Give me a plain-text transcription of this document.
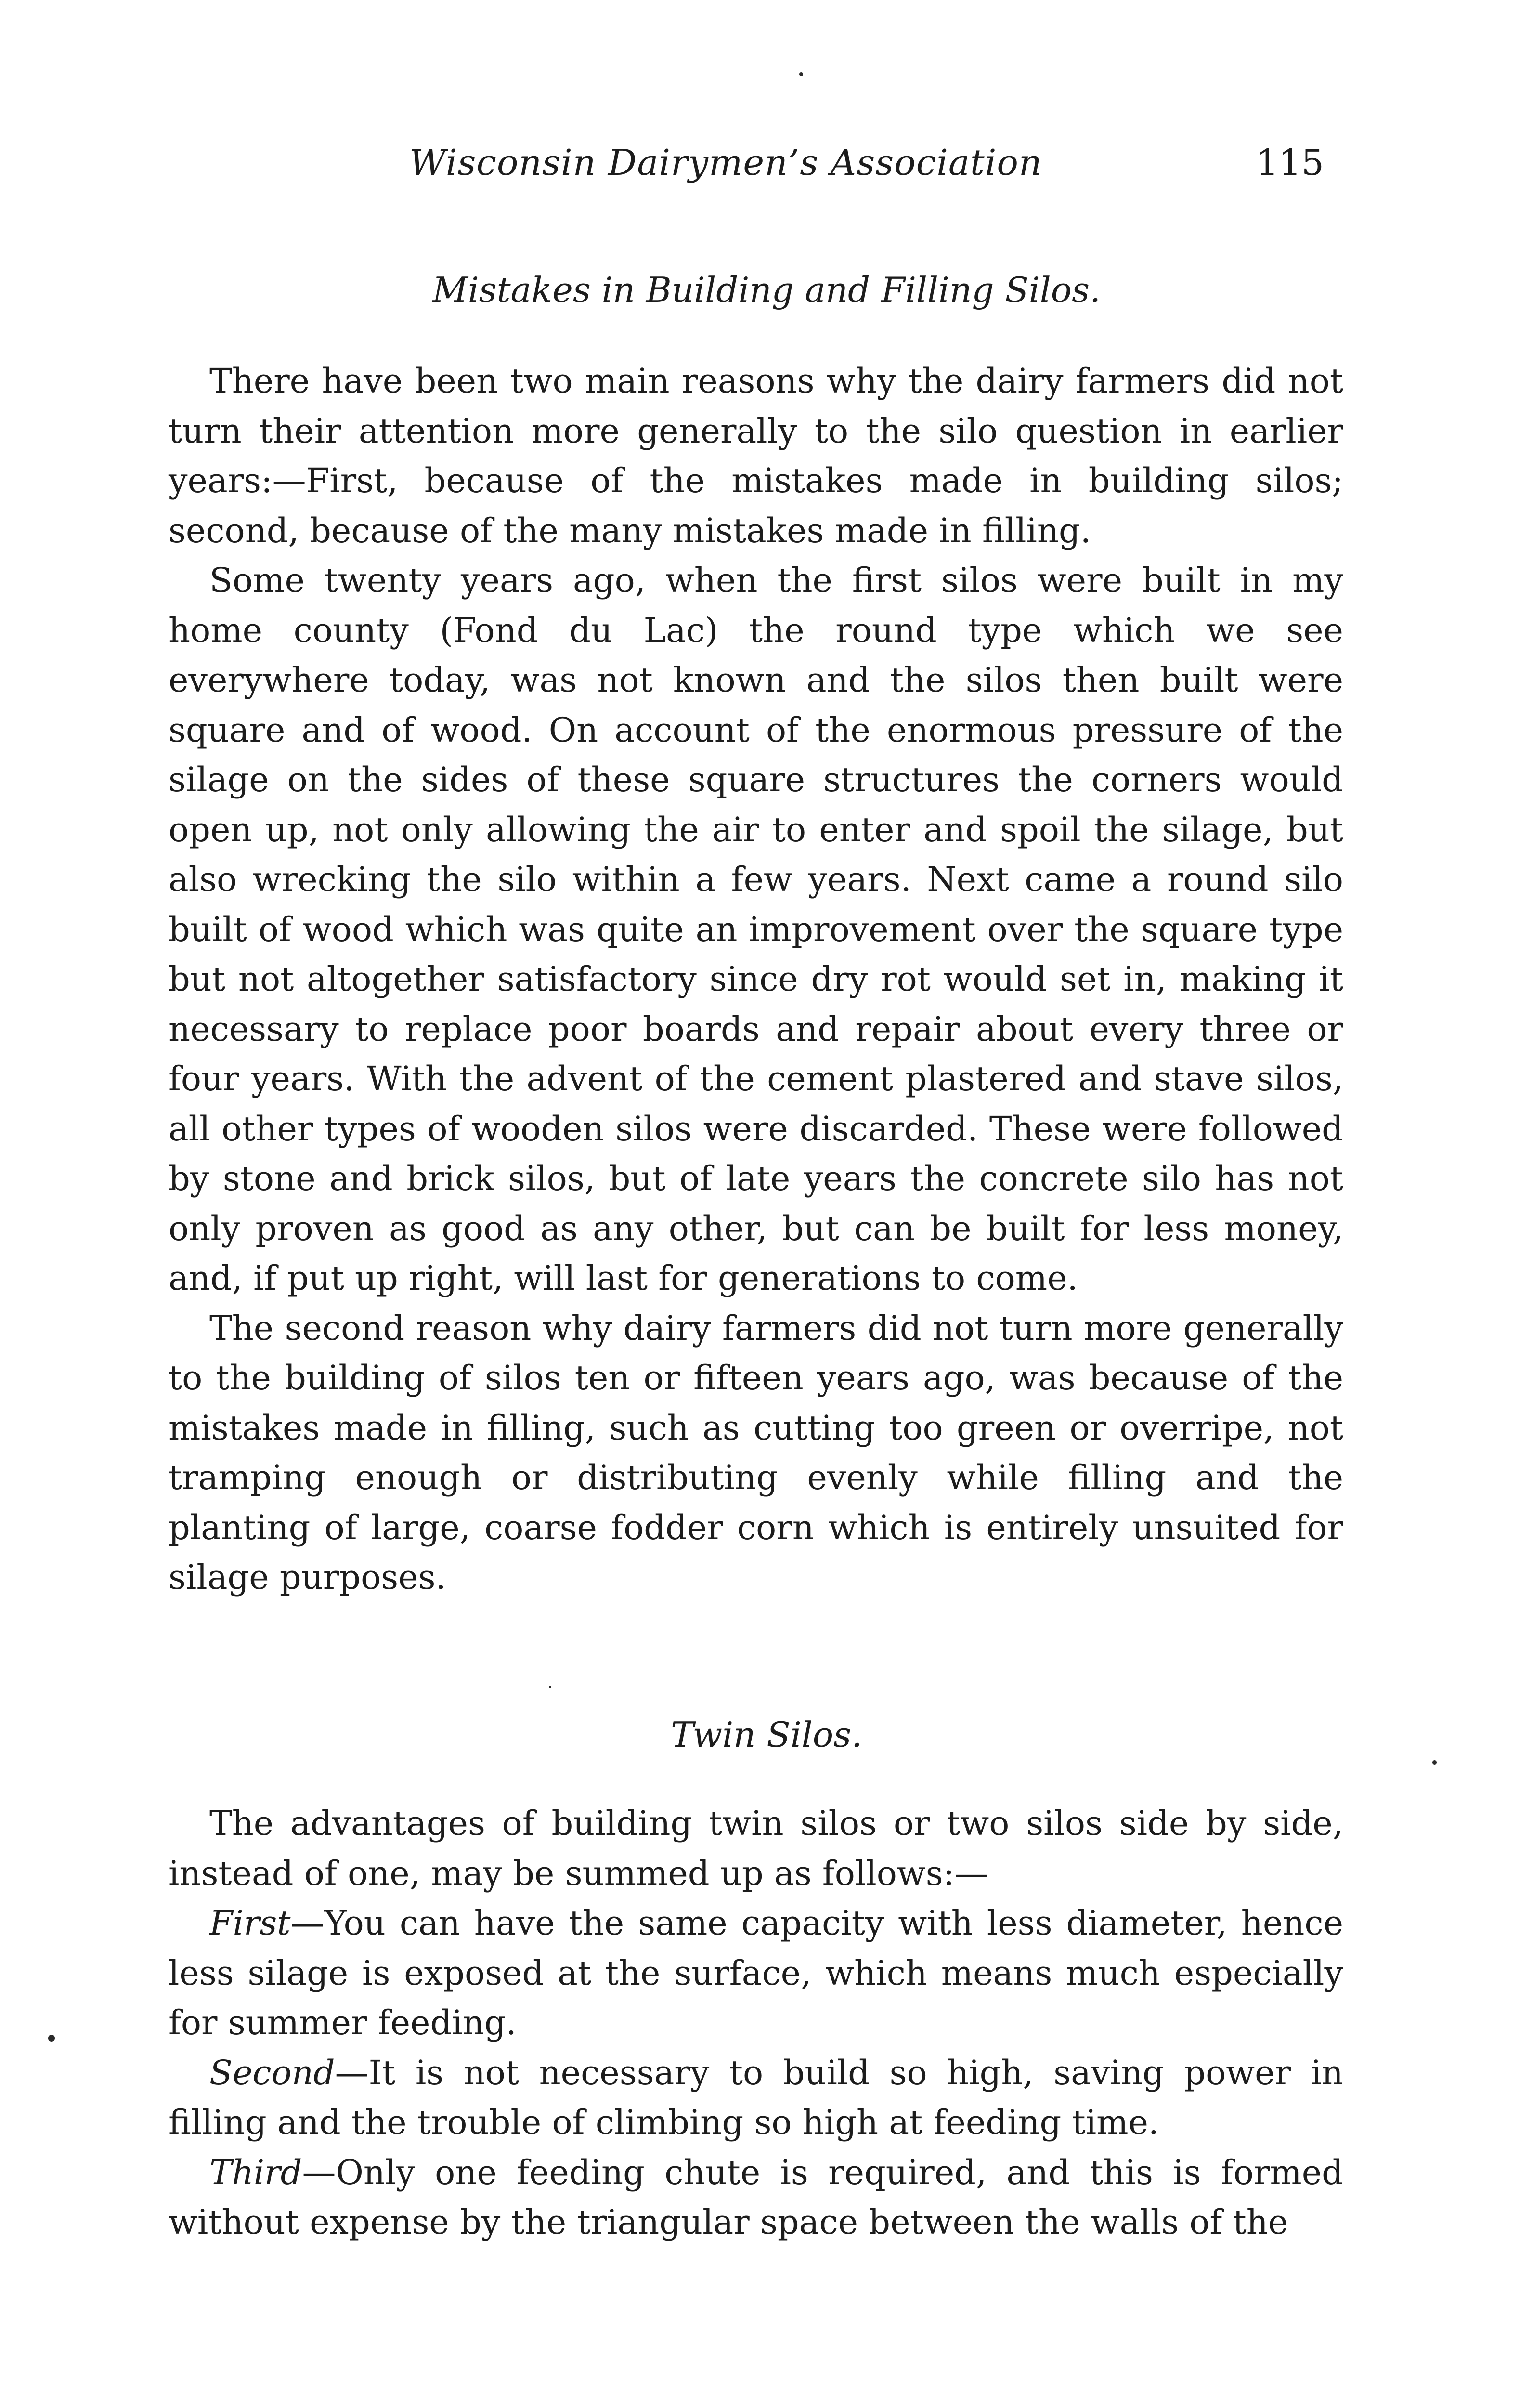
Wisconsin Dairymen’s Association	115
Mistakes in Building and Filling Silos.

There have been two main reasons why the dairy farmers did not turn their attention more generally to the silo question in earlier years:—First, because of the mistakes made in building silos; second, because of the many mistakes made in filling.

Some twenty years ago, when the first silos were built in my home county (Fond du Lac) the round type which we see everywhere today, was not known and the silos then built were square and of wood. On account of the enormous pressure of the silage on the sides of these square structures the corners would open up, not only allowing the air to enter and spoil the silage, but also wrecking the silo within a few years. Next came a round silo built of wood which was quite an improvement over the square type but not altogether satisfactory since dry rot would set in, making it necessary to replace poor boards and repair about every three or four years. With the advent of the cement plastered and stave silos, all other types of wooden silos were discarded. These were followed by stone and brick silos, but of late years the concrete silo has not only proven as good as any other, but can be built for less money, and, if put up right, will last for generations to come.

The second reason why dairy farmers did not turn more generally to the building of silos ten or fifteen years ago, was because of the mistakes made in filling, such as cutting too green or overripe, not tramping enough or distributing evenly while filling and the planting of large, coarse fodder corn which is entirely unsuited for silage purposes.

Twin Silos.

The advantages of building twin silos or two silos side by side, instead of one, may be summed up as follows:—

First—You can have the same capacity with less diameter, hence less silage is exposed at the surface, which means much especially for summer feeding.

Second—It is not necessary to build so high, saving power in filling and the trouble of climbing so high at feeding time.

Third—Only one feeding chute is required, and this is formed without expense by the triangular space between the walls of the
